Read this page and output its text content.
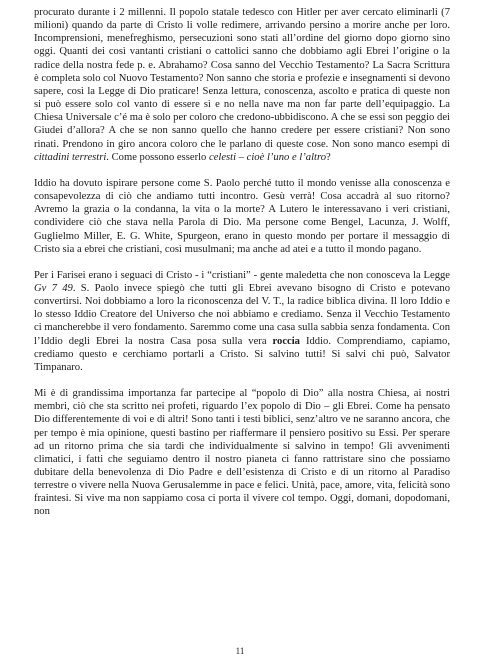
procurato durante i 2 millenni. Il popolo statale tedesco con Hitler per aver cercato eliminarli (7 milioni) quando da parte di Cristo li volle redimere, arrivando persino a morire anche per loro. Incomprensioni, menefreghismo, persecuzioni sono stati all’ordine del giorno dopo giorno sino oggi. Quanti dei così vantanti cristiani o cattolici sanno che dobbiamo agli Ebrei l’origine o la radice della nostra fede p. e. Abrahamo? Cosa sanno del Vecchio Testamento? La Sacra Scrittura è completa solo col Nuovo Testamento? Non sanno che storia e profezie e insegnamenti si devono sapere, così la Legge di Dio praticare! Senza lettura, conoscenza, ascolto e pratica di queste non si può essere solo col vanto di essere sì e no nella nave ma non far parte dell’equipaggio. La Chiesa Universale c’é ma è solo per coloro che credono-ubbidiscono. A che se essi son peggio dei Giudei d’allora? A che se non sanno quello che hanno credere per essere cristiani? Non sono rinati. Prendono in giro ancora coloro che le parlano di queste cose. Non sono manco esempi di cittadini terrestri. Come possono esserlo celesti – cioè l’uno e l’altro?

Iddio ha dovuto ispirare persone come S. Paolo perché tutto il mondo venisse alla conoscenza e consapevolezza di ciò che andiamo tutti incontro. Gesù verrà! Cosa accadrà al suo ritorno? Avremo la grazia o la condanna, la vita o la morte? A Lutero le interessavano i veri cristiani, condividere ciò che stava nella Parola di Dio. Ma persone come Bengel, Lacunza, J. Wolff, Guglielmo Miller, E. G. White, Spurgeon, erano in questo mondo per portare il messaggio di Cristo sia a ebrei che cristiani, così musulmani; ma anche ad atei e a tutto il mondo pagano.

Per i Farisei erano i seguaci di Cristo - i “cristiani” - gente maledetta che non conosceva la Legge Gv 7 49. S. Paolo invece spiegò che tutti gli Ebrei avevano bisogno di Cristo e potevano convertirsi. Noi dobbiamo a loro la riconoscenza del V. T., la radice biblica divina. Il loro Iddio e lo stesso Iddio Creatore del Universo che noi abbiamo e crediamo. Senza il Vecchio Testamento ci mancherebbe il vero fondamento. Saremmo come una casa sulla sabbia senza fondamenta. Con l’Iddio degli Ebrei la nostra Casa posa sulla vera roccia Iddio. Comprendiamo, capiamo, crediamo questo e cerchiamo portarli a Cristo. Si salvino tutti! Si salvi chi può, Salvator Timpanaro.

Mi è di grandissima importanza far partecipe al “popolo di Dio” alla nostra Chiesa, ai nostri membri, ciò che sta scritto nei profeti, riguardo l’ex popolo di Dio – gli Ebrei. Come ha pensato Dio differentemente di voi e di altri! Sono tanti i testi biblici, senz’altro ve ne saranno ancora, che per tempo è mia opinione, questi bastino per riaffermare il pensiero positivo su Essi. Per sperare ad un ritorno prima che sia tardi che individualmente si salvino in tempo! Gli avvenimenti climatici, i fatti che seguiamo dentro il nostro pianeta ci fanno rattristare sino che possiamo dubitare della benevolenza di Dio Padre e dell’esistenza di Cristo e di un ritorno al Paradiso terrestre o vivere nella Nuova Gerusalemme in pace e felici. Unità, pace, amore, vita, felicità sono fraintesi. Si vive ma non sappiamo cosa ci porta il vivere col tempo. Oggi, domani, dopodomani, non

11
